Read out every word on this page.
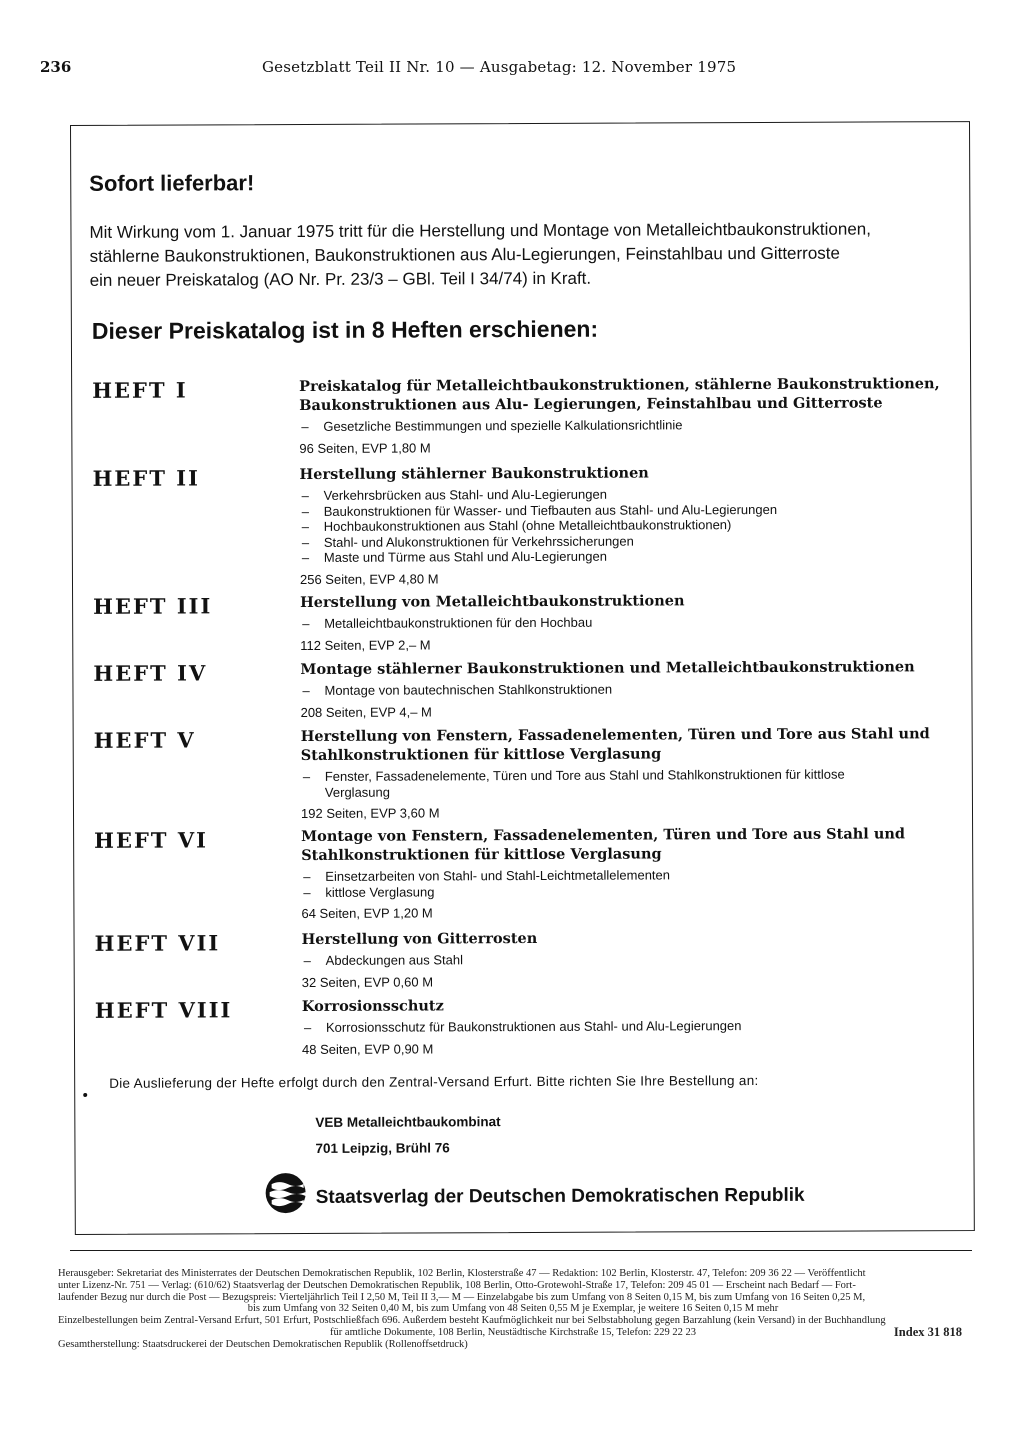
236	Gesetzblatt Teil II Nr. 10 — Ausgabetag: 12. November 1975
Sofort lieferbar!
Mit Wirkung vom 1. Januar 1975 tritt für die Herstellung und Montage von Metalleichtbaukonstruktionen,
stählerne Baukonstruktionen, Baukonstruktionen aus Alu-Legierungen, Feinstahlbau und Gitterroste
ein neuer Preiskatalog (AO Nr. Pr. 23/3 – GBl. Teil I 34/74) in Kraft.
Dieser Preiskatalog ist in 8 Heften erschienen:
HEFT I	Preiskatalog für Metalleichtbaukonstruktionen, stählerne Baukonstruktionen,
Baukonstruktionen aus Alu- Legierungen, Feinstahlbau und Gitterroste
– Gesetzliche Bestimmungen und spezielle Kalkulationsrichtlinie
96 Seiten, EVP 1,80 M
HEFT II	Herstellung stählerner Baukonstruktionen
– Verkehrsbrücken aus Stahl- und Alu-Legierungen
– Baukonstruktionen für Wasser- und Tiefbauten aus Stahl- und Alu-Legierungen
– Hochbaukonstruktionen aus Stahl (ohne Metalleichtbaukonstruktionen)
– Stahl- und Alukonstruktionen für Verkehrssicherungen
– Maste und Türme aus Stahl und Alu-Legierungen
256 Seiten, EVP 4,80 M
HEFT III	Herstellung von Metalleichtbaukonstruktionen
– Metalleichtbaukonstruktionen für den Hochbau
112 Seiten, EVP 2,– M
HEFT IV	Montage stählerner Baukonstruktionen und Metalleichtbaukonstruktionen
– Montage von bautechnischen Stahlkonstruktionen
208 Seiten, EVP 4,– M
HEFT V	Herstellung von Fenstern, Fassadenelementen, Türen und Tore aus Stahl und
Stahlkonstruktionen für kittlose Verglasung
– Fenster, Fassadenelemente, Türen und Tore aus Stahl und Stahlkonstruktionen für kittlose Verglasung
192 Seiten, EVP 3,60 M
HEFT VI	Montage von Fenstern, Fassadenelementen, Türen und Tore aus Stahl und
Stahlkonstruktionen für kittlose Verglasung
– Einsetzarbeiten von Stahl- und Stahl-Leichtmetallelementen
– kittlose Verglasung
64 Seiten, EVP 1,20 M
HEFT VII	Herstellung von Gitterrosten
– Abdeckungen aus Stahl
32 Seiten, EVP 0,60 M
HEFT VIII	Korrosionsschutz
– Korrosionsschutz für Baukonstruktionen aus Stahl- und Alu-Legierungen
48 Seiten, EVP 0,90 M
Die Auslieferung der Hefte erfolgt durch den Zentral-Versand Erfurt. Bitte richten Sie Ihre Bestellung an:
VEB Metalleichtbaukombinat
701 Leipzig, Brühl 76
Staatsverlag der Deutschen Demokratischen Republik
Herausgeber: Sekretariat des Ministerrates der Deutschen Demokratischen Republik, 102 Berlin, Klosterstraße 47 — Redaktion: 102 Berlin, Klosterstr. 47, Telefon: 209 36 22 — Veröffentlicht
unter Lizenz-Nr. 751 — Verlag: (610/62) Staatsverlag der Deutschen Demokratischen Republik, 108 Berlin, Otto-Grotewohl-Straße 17, Telefon: 209 45 01 — Erscheint nach Bedarf — Fort-
laufender Bezug nur durch die Post — Bezugspreis: Vierteljährlich Teil I 2,50 M, Teil II 3,— M — Einzelabgabe bis zum Umfang von 8 Seiten 0,15 M, bis zum Umfang von 16 Seiten 0,25 M,
bis zum Umfang von 32 Seiten 0,40 M, bis zum Umfang von 48 Seiten 0,55 M je Exemplar, je weitere 16 Seiten 0,15 M mehr
Einzelbestellungen beim Zentral-Versand Erfurt, 501 Erfurt, Postschließfach 696. Außerdem besteht Kaufmöglichkeit nur bei Selbstabholung gegen Barzahlung (kein Versand) in der Buchhandlung
für amtliche Dokumente, 108 Berlin, Neustädtische Kirchstraße 15, Telefon: 229 22 23	Index 31 818
Gesamtherstellung: Staatsdruckerei der Deutschen Demokratischen Republik (Rollenoffsetdruck)
